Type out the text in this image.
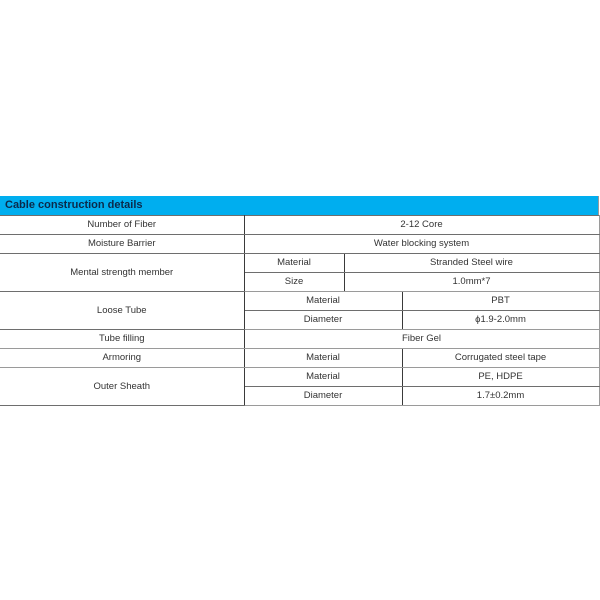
Cable construction details
Number of Fiber	2-12 Core		
Moisture Barrier	Water blocking system		
Mental strength member	Material	Stranded Steel wire	
	Size	1.0mm*7	
Loose Tube	Material		PBT
	Diameter		ϕ1.9-2.0mm
Tube filling	Fiber Gel		
Armoring	Material		Corrugated steel tape
Outer Sheath	Material		PE, HDPE
	Diameter		1.7±0.2mm
